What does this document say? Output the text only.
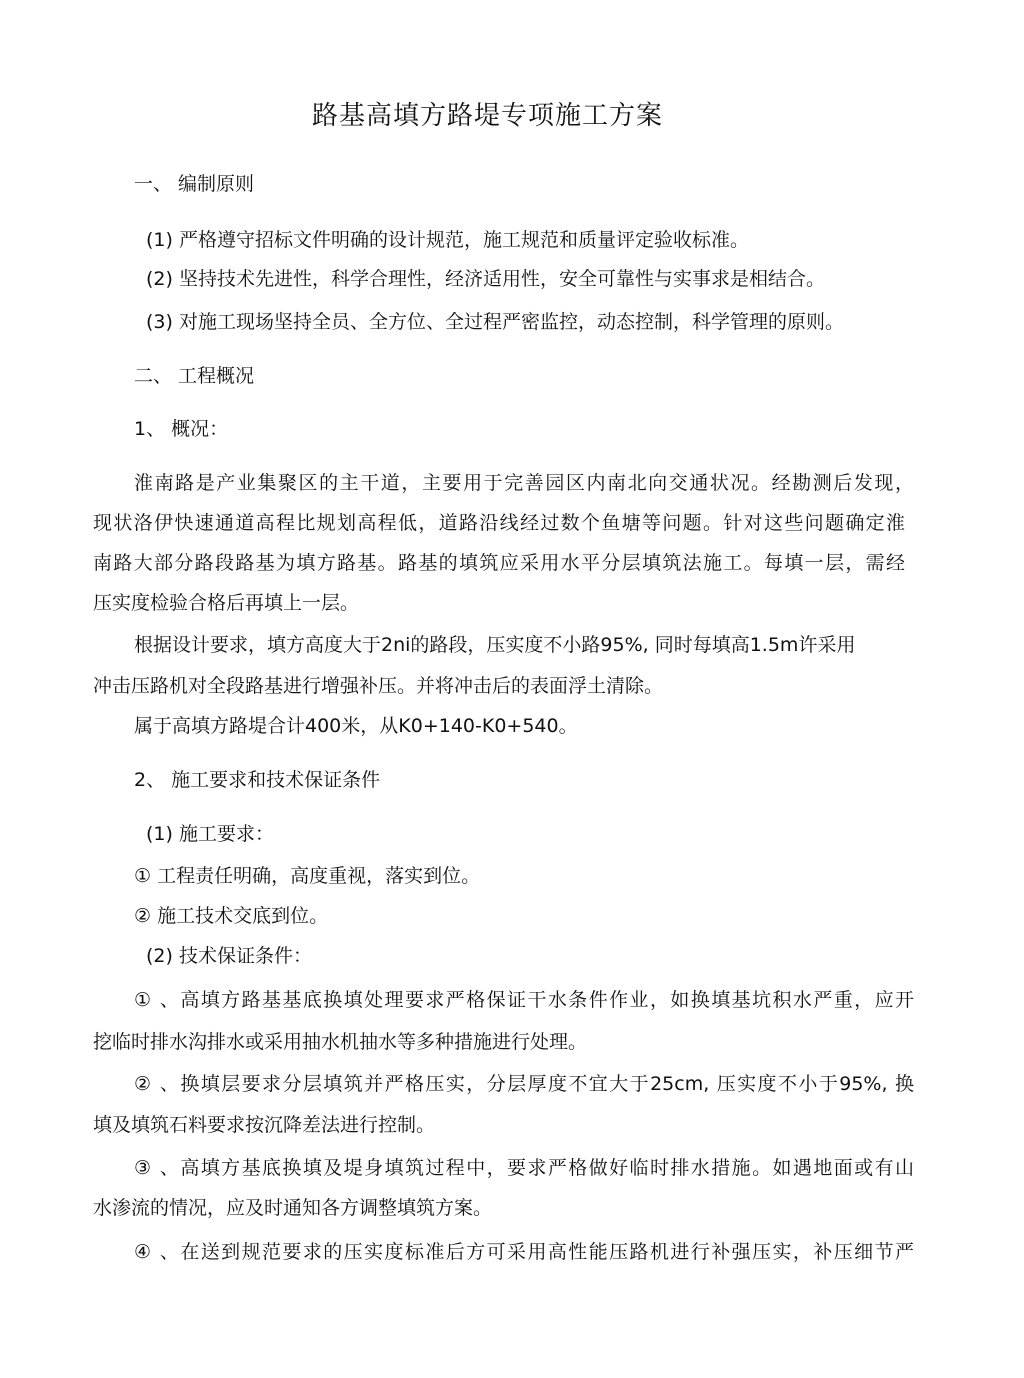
路基高填方路堤专项施工方案
一、 编制原则
(1) 严格遵守招标文件明确的设计规范，施工规范和质量评定验收标准。
(2) 坚持技术先进性，科学合理性，经济适用性，安全可靠性与实事求是相结合。
(3) 对施工现场坚持全员、全方位、全过程严密监控，动态控制，科学管理的原则。
二、 工程概况
1、 概况：
淮南路是产业集聚区的主干道，主要用于完善园区内南北向交通状况。经勘测后发现，
现状洛伊快速通道高程比规划高程低，道路沿线经过数个鱼塘等问题。针对这些问题确定淮
南路大部分路段路基为填方路基。路基的填筑应采用水平分层填筑法施工。每填一层，需经
压实度检验合格后再填上一层。
根据设计要求，填方高度大于2ni的路段，压实度不小路95%, 同时每填高1.5m许采用
冲击压路机对全段路基进行增强补压。并将冲击后的表面浮土清除。
属于高填方路堤合计400米，从K0+140-K0+540。
2、 施工要求和技术保证条件
(1) 施工要求：
① 工程责任明确，高度重视，落实到位。
② 施工技术交底到位。
(2) 技术保证条件：
① 、高填方路基基底换填处理要求严格保证干水条件作业，如换填基坑积水严重，应开
挖临时排水沟排水或采用抽水机抽水等多种措施进行处理。
② 、换填层要求分层填筑并严格压实，分层厚度不宜大于25cm, 压实度不小于95%, 换
填及填筑石料要求按沉降差法进行控制。
③ 、高填方基底换填及堤身填筑过程中，要求严格做好临时排水措施。如遇地面或有山
水渗流的情况，应及时通知各方调整填筑方案。
④ 、在送到规范要求的压实度标准后方可采用高性能压路机进行补强压实，补压细节严
